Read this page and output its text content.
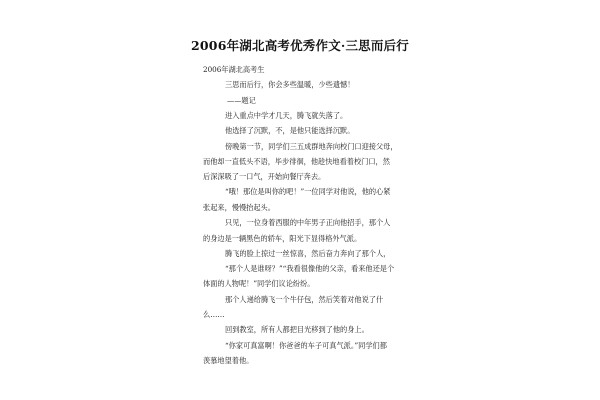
2006年湖北高考优秀作文·三思而后行
2006年湖北高考生
三思而后行，你会多些温暖，少些遗憾！
——题记
进入重点中学才几天，腾飞就失落了。
他选择了沉默，不，是他只能选择沉默。
傍晚第一节，同学们三五成群地奔向校门口迎接父母，
而他却一直低头不语，毕步徘徊，他趁快地看着校门口，然
后深深吸了一口气，开始向餐厅奔去。
“哦！那位是叫你的吧！”一位同学对他说，他的心紧
张起来，慢慢抬起头。
只见，一位身着西服的中年男子正向他招手，那个人
的身边是一辆黑色的轿车，阳光下显得格外气派。
腾飞的脸上掠过一丝惊喜，然后奋力奔向了那个人，
“那个人是谁呀？”“我看很像他的父亲，看来他还是个
体面的人物呢！”同学们议论纷纷。
那个人递给腾飞一个牛仔包，然后笑着对他说了什
么……
回到教室，所有人都把目光移到了他的身上。
“你家可真富啊！你爸爸的车子可真气派。”同学们都
羡慕地望着他。
